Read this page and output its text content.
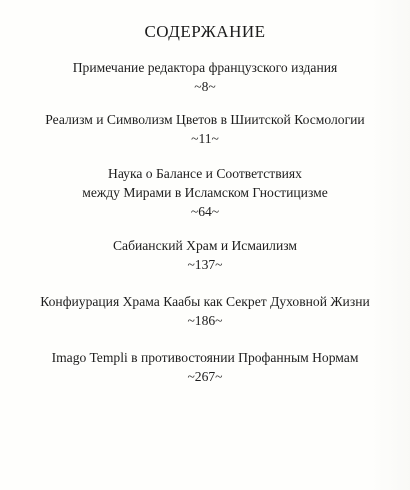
СОДЕРЖАНИЕ
Примечание редактора французского издания
~8~
Реализм и Символизм Цветов в Шиитской Космологии
~11~
Наука о Балансе и Соответствиях
между Мирами в Исламском Гностицизме
~64~
Сабианский Храм и Исмаилизм
~137~
Конфиурация Храма Каабы как Секрет Духовной Жизни
~186~
Imago Templi в противостоянии Профанным Нормам
~267~
